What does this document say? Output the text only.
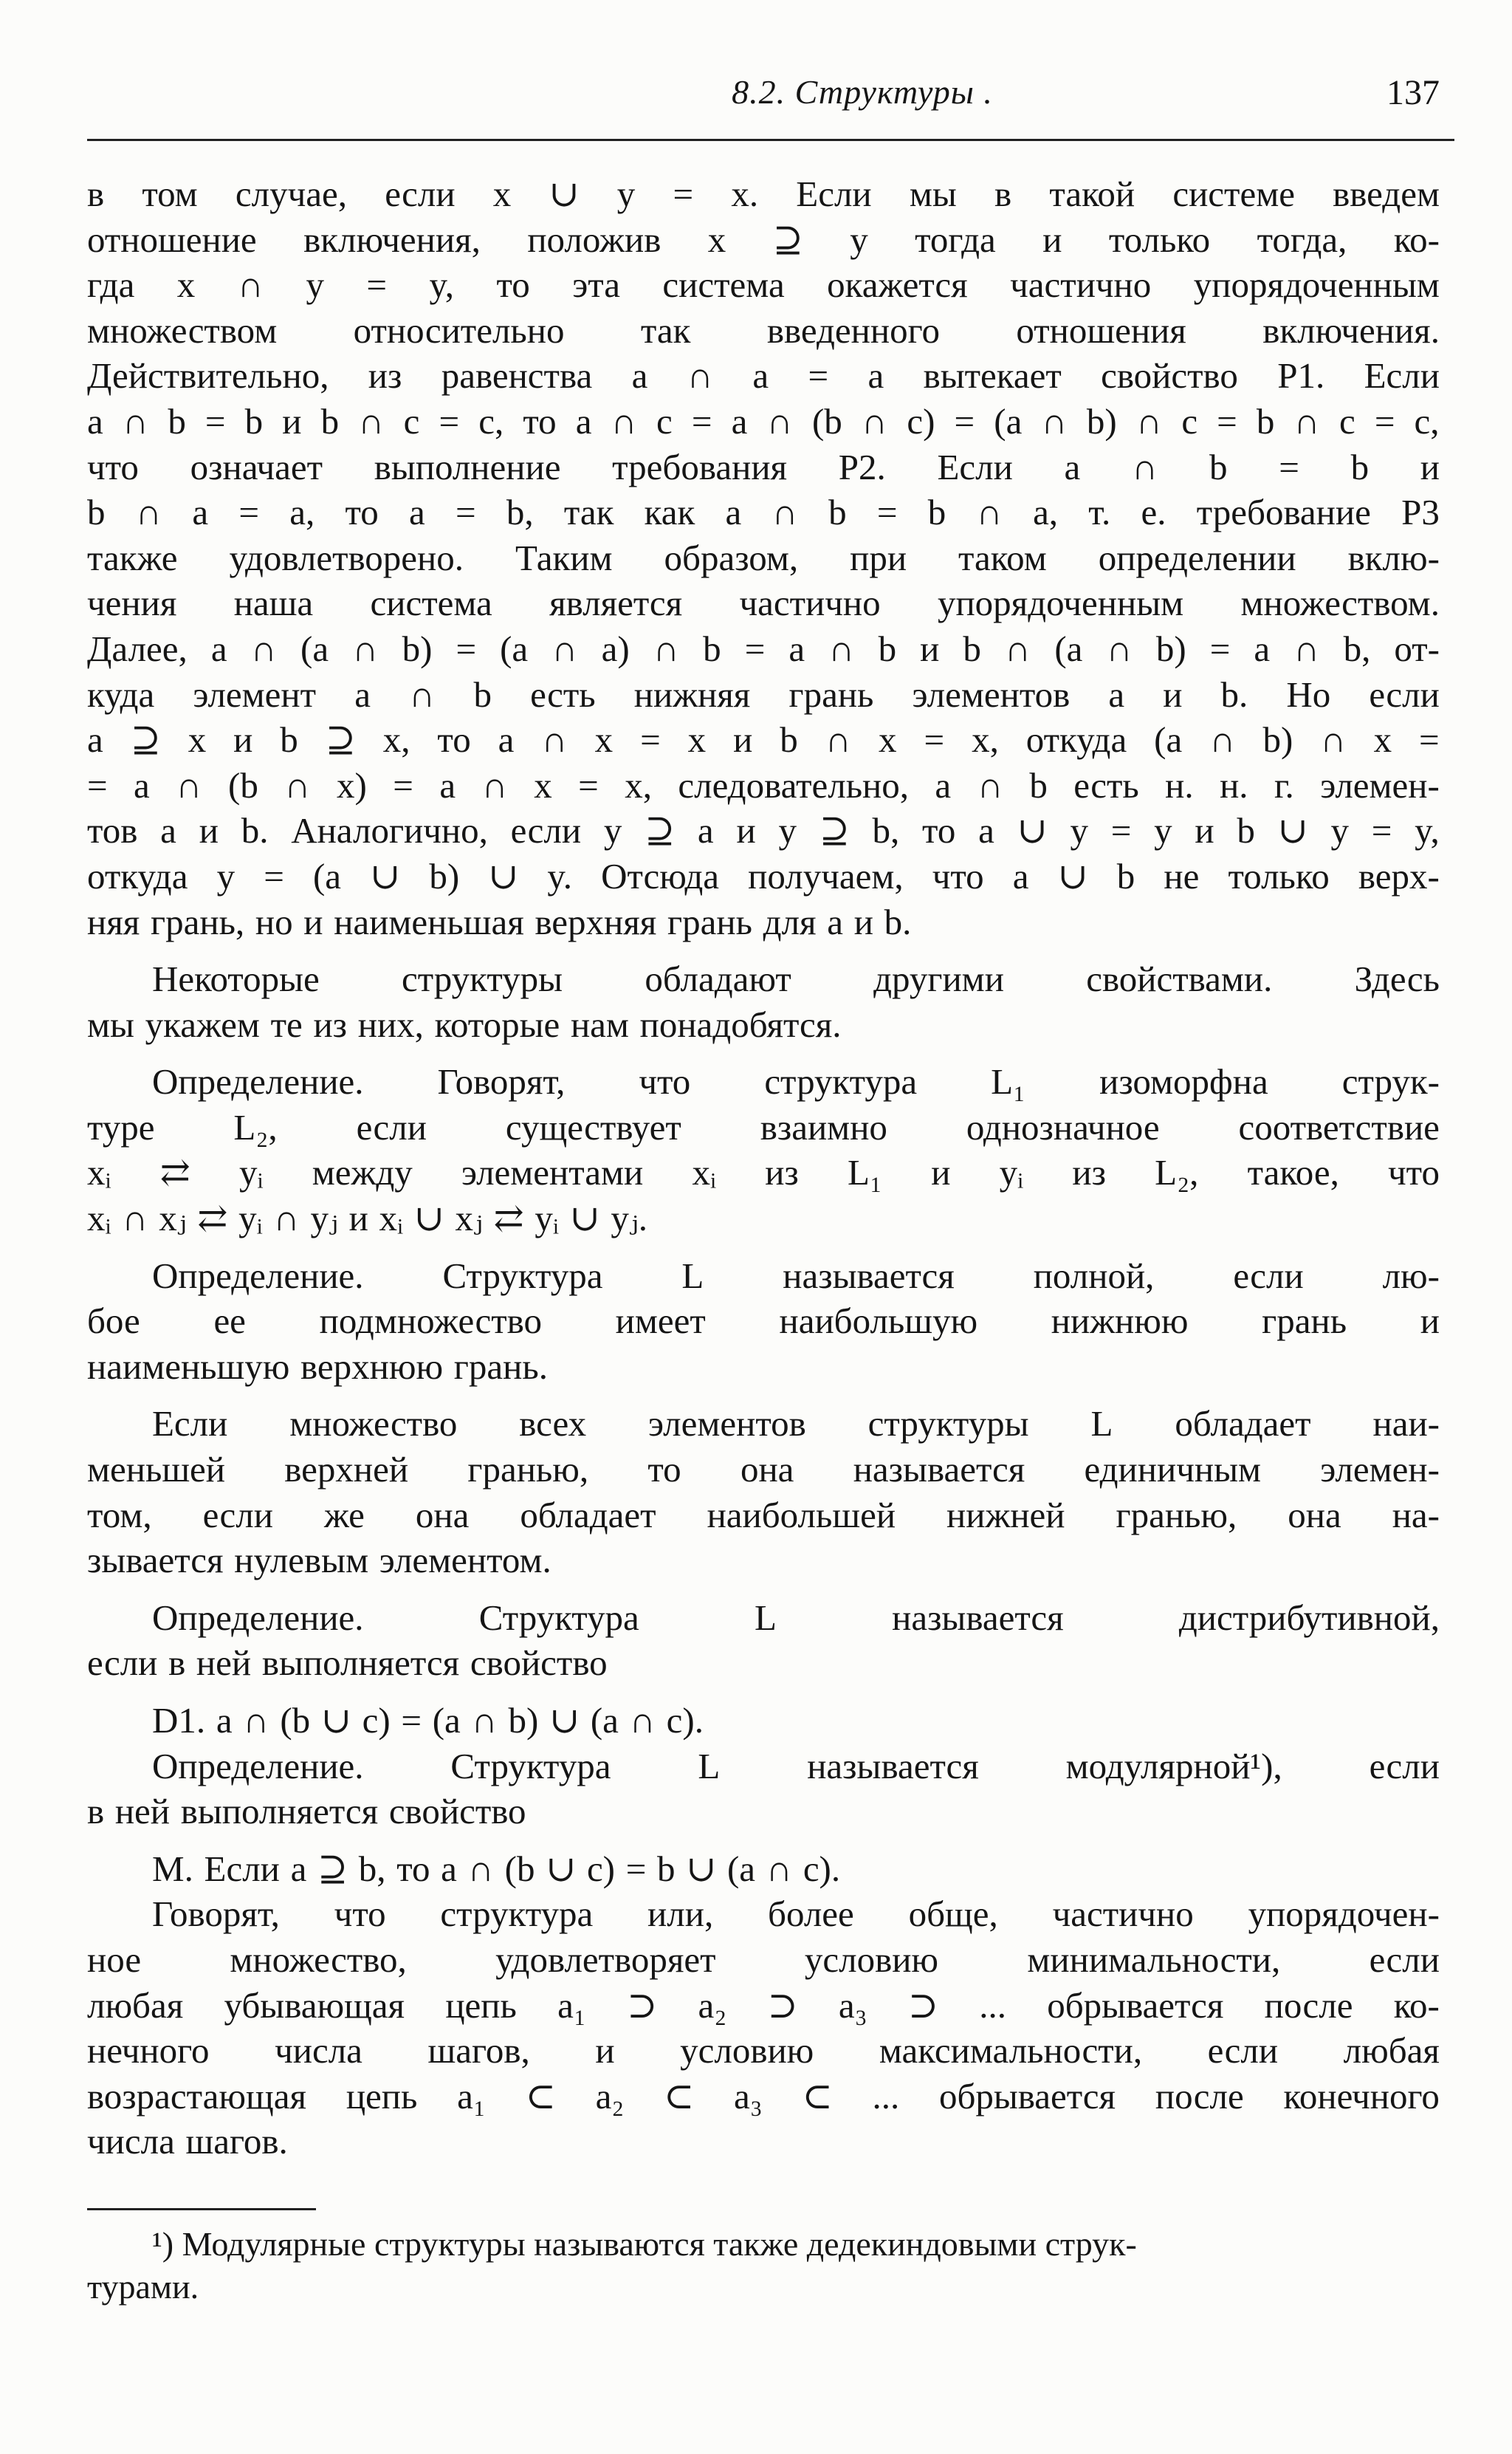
8.2. Структуры .	137
в том случае, если x ∪ y = x. Если мы в такой системе введем
отношение включения, положив x ⊇ y тогда и только тогда, ко-
гда x ∩ y = y, то эта система окажется частично упорядоченным
множеством относительно так введенного отношения включения.
Действительно, из равенства a ∩ a = a вытекает свойство P1. Если
a ∩ b = b и b ∩ c = c, то a ∩ c = a ∩ (b ∩ c) = (a ∩ b) ∩ c = b ∩ c = c,
что означает выполнение требования P2. Если a ∩ b = b и
b ∩ a = a, то a = b, так как a ∩ b = b ∩ a, т. е. требование P3
также удовлетворено. Таким образом, при таком определении вклю-
чения наша система является частично упорядоченным множеством.
Далее, a ∩ (a ∩ b) = (a ∩ a) ∩ b = a ∩ b и b ∩ (a ∩ b) = a ∩ b, от-
куда элемент a ∩ b есть нижняя грань элементов a и b. Но если
a ⊇ x и b ⊇ x, то a ∩ x = x и b ∩ x = x, откуда (a ∩ b) ∩ x =
= a ∩ (b ∩ x) = a ∩ x = x, следовательно, a ∩ b есть н. н. г. элемен-
тов a и b. Аналогично, если y ⊇ a и y ⊇ b, то a ∪ y = y и b ∪ y = y,
откуда y = (a ∪ b) ∪ y. Отсюда получаем, что a ∪ b не только верх-
няя грань, но и наименьшая верхняя грань для a и b.
Некоторые структуры обладают другими свойствами. Здесь
мы укажем те из них, которые нам понадобятся.
Определение. Говорят, что структура L₁ изоморфна струк-
туре L₂, если существует взаимно однозначное соответствие
xᵢ ⇄ yᵢ между элементами xᵢ из L₁ и yᵢ из L₂, такое, что
xᵢ ∩ xⱼ ⇄ yᵢ ∩ yⱼ и xᵢ ∪ xⱼ ⇄ yᵢ ∪ yⱼ.
Определение. Структура L называется полной, если лю-
бое ее подмножество имеет наибольшую нижнюю грань и
наименьшую верхнюю грань.
Если множество всех элементов структуры L обладает наи-
меньшей верхней гранью, то она называется единичным элемен-
том, если же она обладает наибольшей нижней гранью, она на-
зывается нулевым элементом.
Определение.	Структура	L	называется	дистрибутивной,
если в ней выполняется свойство
D1. a ∩ (b ∪ c) = (a ∩ b) ∪ (a ∩ c).
Определение. Структура L называется модулярной¹), если
в ней выполняется свойство
M. Если a ⊇ b, то a ∩ (b ∪ c) = b ∪ (a ∩ c).
Говорят, что структура или, более обще, частично упорядочен-
ное множество, удовлетворяет условию минимальности, если
любая убывающая цепь a₁ ⊃ a₂ ⊃ a₃ ⊃ ... обрывается после ко-
нечного числа шагов, и условию максимальности, если любая
возрастающая цепь a₁ ⊂ a₂ ⊂ a₃ ⊂ ... обрывается после конечного
числа шагов.
¹) Модулярные структуры называются также дедекиндовыми струк-
турами.
